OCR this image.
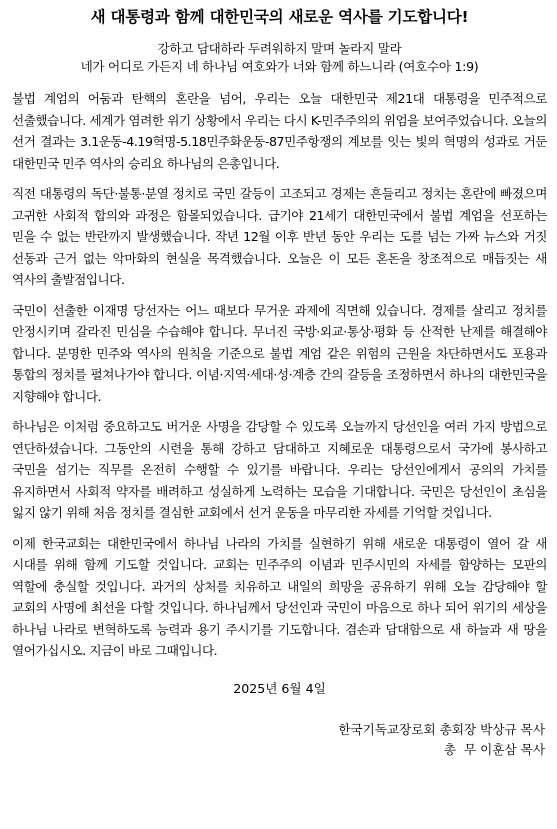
새 대통령과 함께 대한민국의 새로운 역사를 기도합니다!
강하고 담대하라 두려워하지 말며 놀라지 말라
네가 어디로 가든지 네 하나님 여호와가 너와 함께 하느니라 (여호수아 1:9)

불법 계엄의 어둠과 탄핵의 혼란을 넘어, 우리는 오늘 대한민국 제21대 대통령을 민주적으로 선출했습니다. 세계가 염려한 위기 상황에서 우리는 다시 K-민주주의의 위엄을 보여주었습니다. 오늘의 선거 결과는 3.1운동-4.19혁명-5.18민주화운동-87민주항쟁의 계보를 잇는 빛의 혁명의 성과로 거둔 대한민국 민주 역사의 승리요 하나님의 은총입니다.

직전 대통령의 독단·불통·분열 정치로 국민 갈등이 고조되고 경제는 흔들리고 정치는 혼란에 빠졌으며 고귀한 사회적 합의와 과정은 함몰되었습니다. 급기야 21세기 대한민국에서 불법 계엄을 선포하는 믿을 수 없는 반란까지 발생했습니다. 작년 12월 이후 반년 동안 우리는 도를 넘는 가짜 뉴스와 거짓 선동과 근거 없는 악마화의 현실을 목격했습니다. 오늘은 이 모든 혼돈을 창조적으로 매듭짓는 새 역사의 출발점입니다.

국민이 선출한 이재명 당선자는 어느 때보다 무거운 과제에 직면해 있습니다. 경제를 살리고 정치를 안정시키며 갈라진 민심을 수습해야 합니다. 무너진 국방·외교·통상·평화 등 산적한 난제를 해결해야 합니다. 분명한 민주와 역사의 원칙을 기준으로 불법 계엄 같은 위험의 근원을 차단하면서도 포용과 통합의 정치를 펼쳐나가야 합니다. 이념·지역·세대·성·계층 간의 갈등을 조정하면서 하나의 대한민국을 지향해야 합니다.

하나님은 이처럼 중요하고도 버거운 사명을 감당할 수 있도록 오늘까지 당선인을 여러 가지 방법으로 연단하셨습니다. 그동안의 시련을 통해 강하고 담대하고 지혜로운 대통령으로서 국가에 봉사하고 국민을 섬기는 직무를 온전히 수행할 수 있기를 바랍니다. 우리는 당선인에게서 공의의 가치를 유지하면서 사회적 약자를 배려하고 성실하게 노력하는 모습을 기대합니다. 국민은 당선인이 초심을 잃지 않기 위해 처음 정치를 결심한 교회에서 선거 운동을 마무리한 자세를 기억할 것입니다.

이제 한국교회는 대한민국에서 하나님 나라의 가치를 실현하기 위해 새로운 대통령이 열어 갈 새 시대를 위해 함께 기도할 것입니다. 교회는 민주주의 이념과 민주시민의 자세를 함양하는 모판의 역할에 충실할 것입니다. 과거의 상처를 치유하고 내일의 희망을 공유하기 위해 오늘 감당해야 할 교회의 사명에 최선을 다할 것입니다. 하나님께서 당선인과 국민이 마음으로 하나 되어 위기의 세상을 하나님 나라로 변혁하도록 능력과 용기 주시기를 기도합니다. 겸손과 담대함으로 새 하늘과 새 땅을 열어가십시오. 지금이 바로 그때입니다.

2025년 6월 4일
한국기독교장로회 총회장 박상규 목사
총  무 이훈삼 목사
